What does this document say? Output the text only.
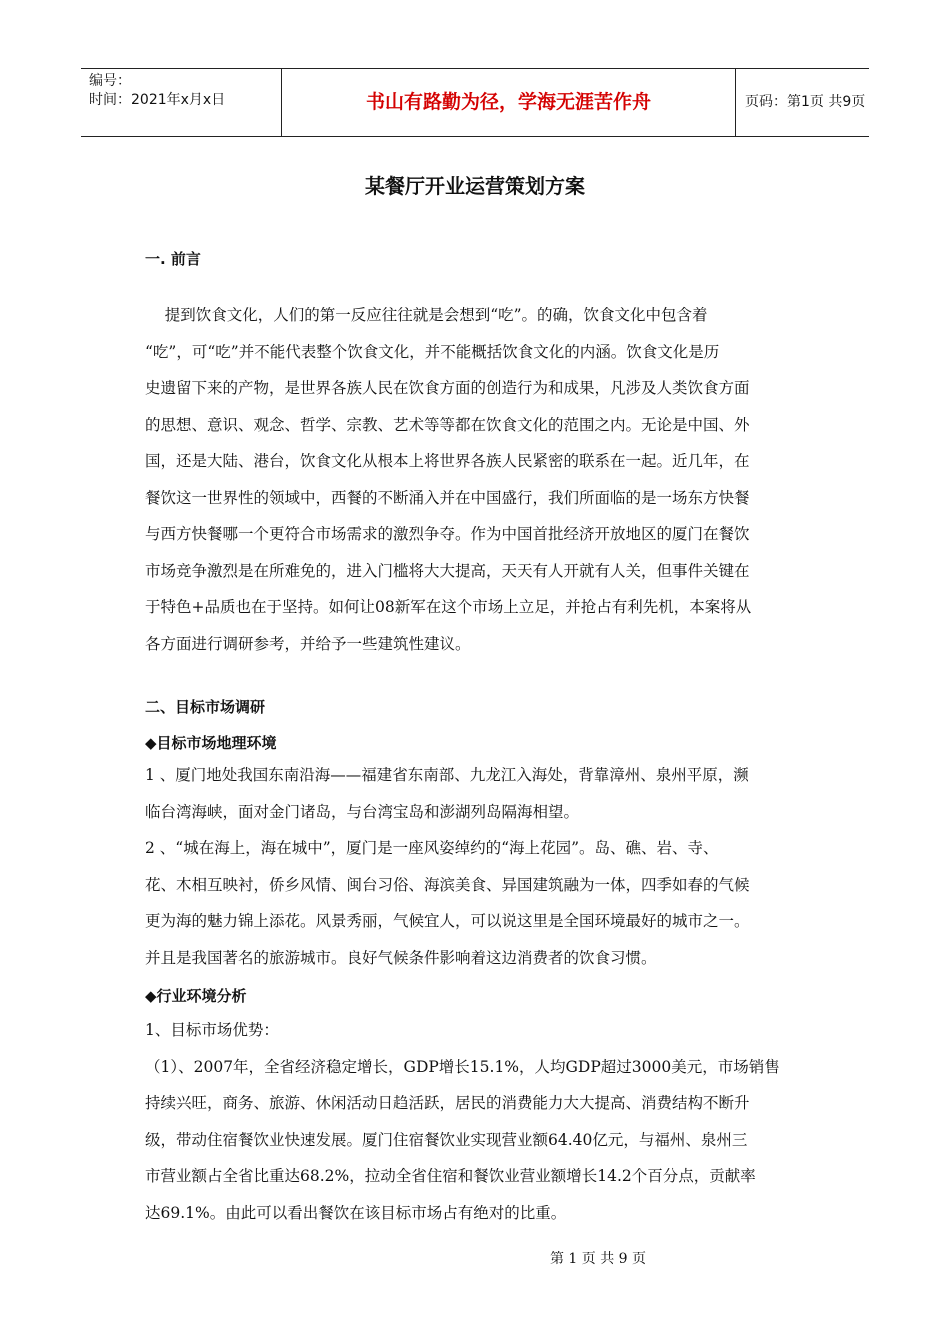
编号：
时间：2021年x月x日	书山有路勤为径，学海无涯苦作舟	页码：第1页 共9页
某餐厅开业运营策划方案
一. 前言
提到饮食文化，人们的第一反应往往就是会想到“吃”。的确，饮食文化中包含着
“吃”，可“吃”并不能代表整个饮食文化，并不能概括饮食文化的内涵。饮食文化是历
史遗留下来的产物，是世界各族人民在饮食方面的创造行为和成果，凡涉及人类饮食方面
的思想、意识、观念、哲学、宗教、艺术等等都在饮食文化的范围之内。无论是中国、外
国，还是大陆、港台，饮食文化从根本上将世界各族人民紧密的联系在一起。近几年，在
餐饮这一世界性的领域中，西餐的不断涌入并在中国盛行，我们所面临的是一场东方快餐
与西方快餐哪一个更符合市场需求的激烈争夺。作为中国首批经济开放地区的厦门在餐饮
市场竞争激烈是在所难免的，进入门槛将大大提高，天天有人开就有人关，但事件关键在
于特色+品质也在于坚持。如何让08新军在这个市场上立足，并抢占有利先机，本案将从
各方面进行调研参考，并给予一些建筑性建议。
二、目标市场调研
◆目标市场地理环境
1 、厦门地处我国东南沿海——福建省东南部、九龙江入海处，背靠漳州、泉州平原，濒
临台湾海峡，面对金门诸岛，与台湾宝岛和澎湖列岛隔海相望。
2 、“城在海上，海在城中”，厦门是一座风姿绰约的“海上花园”。岛、礁、岩、寺、
花、木相互映衬，侨乡风情、闽台习俗、海滨美食、异国建筑融为一体，四季如春的气候
更为海的魅力锦上添花。风景秀丽，气候宜人，可以说这里是全国环境最好的城市之一。
并且是我国著名的旅游城市。良好气候条件影响着这边消费者的饮食习惯。
◆行业环境分析
1、目标市场优势：
（1）、2007年，全省经济稳定增长，GDP增长15.1%，人均GDP超过3000美元，市场销售
持续兴旺，商务、旅游、休闲活动日趋活跃，居民的消费能力大大提高、消费结构不断升
级，带动住宿餐饮业快速发展。厦门住宿餐饮业实现营业额64.40亿元，与福州、泉州三
市营业额占全省比重达68.2%，拉动全省住宿和餐饮业营业额增长14.2个百分点，贡献率
达69.1%。由此可以看出餐饮在该目标市场占有绝对的比重。
第 1 页 共 9 页
